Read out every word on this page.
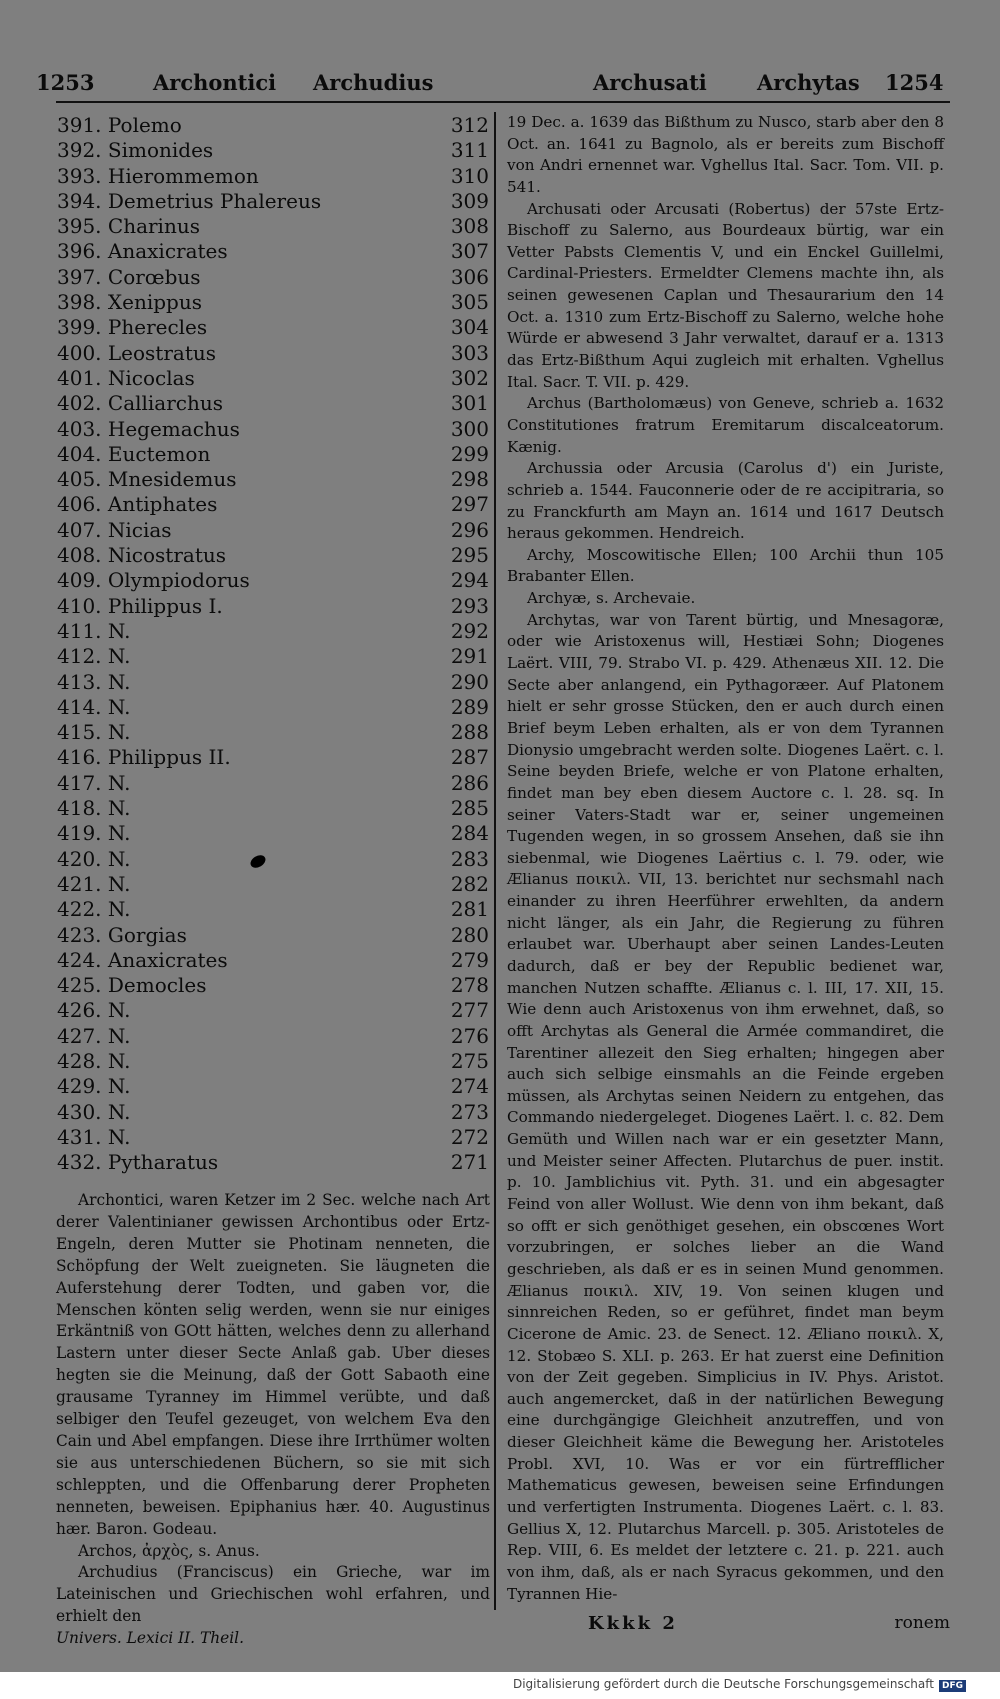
1253	Archontici Archudius	Archusati Archytas 1254
391. Polemo	312
392. Simonides	311
393. Hierommemon	310
394. Demetrius Phalereus	309
395. Charinus	308
396. Anaxicrates	307
397. Corœbus	306
398. Xenippus	305
399. Pherecles	304
400. Leostratus	303
401. Nicoclas	302
402. Calliarchus	301
403. Hegemachus	300
404. Euctemon	299
405. Mnesidemus	298
406. Antiphates	297
407. Nicias	296
408. Nicostratus	295
409. Olympiodorus	294
410. Philippus I.	293
411. N.	292
412. N.	291
413. N.	290
414. N.	289
415. N.	288
416. Philippus II.	287
417. N.	286
418. N.	285
419. N.	284
420. N.	283
421. N.	282
422. N.	281
423. Gorgias	280
424. Anaxicrates	279
425. Democles	278
426. N.	277
427. N.	276
428. N.	275
429. N.	274
430. N.	273
431. N.	272
432. Pytharatus	271

Archontici, waren Ketzer im 2 Sec. welche nach Art derer Valentinianer gewissen Archontibus oder Ertz-Engeln, deren Mutter sie Photinam nenneten, die Schöpfung der Welt zueigneten. Sie läugneten die Auferstehung derer Todten, und gaben vor, die Menschen könten selig werden, wenn sie nur einiges Erkäntniß von GOtt hätten, welches denn zu allerhand Lastern unter dieser Secte Anlaß gab. Uber dieses hegten sie die Meinung, daß der Gott Sabaoth eine grausame Tyranney im Himmel verübte, und daß selbiger den Teufel gezeuget, von welchem Eva den Cain und Abel empfangen. Diese ihre Irrthümer wolten sie aus unterschiedenen Büchern, so sie mit sich schleppten, und die Offenbarung derer Propheten nenneten, beweisen. Epiphanius hær. 40. Augustinus hær. Baron. Godeau.

Archos, ἀρχὸς, s. Anus.

Archudius (Franciscus) ein Grieche, war im Lateinischen und Griechischen wohl erfahren, und erhielt den

Univers. Lexici II. Theil.

19 Dec. a. 1639 das Bißthum zu Nusco, starb aber den 8 Oct. an. 1641 zu Bagnolo, als er bereits zum Bischoff von Andri ernennet war. Vghellus Ital. Sacr. Tom. VII. p. 541.

Archusati oder Arcusati (Robertus) der 57ste Ertz-Bischoff zu Salerno, aus Bourdeaux bürtig, war ein Vetter Pabsts Clementis V, und ein Enckel Guillelmi, Cardinal-Priesters. Ermeldter Clemens machte ihn, als seinen gewesenen Caplan und Thesaurarium den 14 Oct. a. 1310 zum Ertz-Bischoff zu Salerno, welche hohe Würde er abwesend 3 Jahr verwaltet, darauf er a. 1313 das Ertz-Bißthum Aqui zugleich mit erhalten. Vghellus Ital. Sacr. T. VII. p. 429.

Archus (Bartholomæus) von Geneve, schrieb a. 1632 Constitutiones fratrum Eremitarum discalceatorum. Kænig.

Archussia oder Arcusia (Carolus d') ein Juriste, schrieb a. 1544. Fauconnerie oder de re accipitraria, so zu Franckfurth am Mayn an. 1614 und 1617 Deutsch heraus gekommen. Hendreich.

Archy, Moscowitische Ellen; 100 Archii thun 105 Brabanter Ellen.

Archyæ, s. Archevaie.

Archytas, war von Tarent bürtig, und Mnesagoræ, oder wie Aristoxenus will, Hestiæi Sohn; Diogenes Laërt. VIII, 79. Strabo VI. p. 429. Athenæus XII. 12. Die Secte aber anlangend, ein Pythagoræer. Auf Platonem hielt er sehr grosse Stücken, den er auch durch einen Brief beym Leben erhalten, als er von dem Tyrannen Dionysio umgebracht werden solte. Diogenes Laërt. c. l. Seine beyden Briefe, welche er von Platone erhalten, findet man bey eben diesem Auctore c. l. 28. sq. In seiner Vaters-Stadt war er, seiner ungemeinen Tugenden wegen, in so grossem Ansehen, daß sie ihn siebenmal, wie Diogenes Laërtius c. l. 79. oder, wie Ælianus ποικιλ. VII, 13. berichtet nur sechsmahl nach einander zu ihren Heerführer erwehlten, da andern nicht länger, als ein Jahr, die Regierung zu führen erlaubet war. Uberhaupt aber seinen Landes-Leuten dadurch, daß er bey der Republic bedienet war, manchen Nutzen schaffte. Ælianus c. l. III, 17. XII, 15. Wie denn auch Aristoxenus von ihm erwehnet, daß, so offt Archytas als General die Armée commandiret, die Tarentiner allezeit den Sieg erhalten; hingegen aber auch sich selbige einsmahls an die Feinde ergeben müssen, als Archytas seinen Neidern zu entgehen, das Commando niedergeleget. Diogenes Laërt. l. c. 82. Dem Gemüth und Willen nach war er ein gesetzter Mann, und Meister seiner Affecten. Plutarchus de puer. instit. p. 10. Jamblichius vit. Pyth. 31. und ein abgesagter Feind von aller Wollust. Wie denn von ihm bekant, daß so offt er sich genöthiget gesehen, ein obscœnes Wort vorzubringen, er solches lieber an die Wand geschrieben, als daß er es in seinen Mund genommen. Ælianus ποικιλ. XIV, 19. Von seinen klugen und sinnreichen Reden, so er geführet, findet man beym Cicerone de Amic. 23. de Senect. 12. Æliano ποικιλ. X, 12. Stobæo S. XLI. p. 263. Er hat zuerst eine Definition von der Zeit gegeben. Simplicius in IV. Phys. Aristot. auch angemercket, daß in der natürlichen Bewegung eine durchgängige Gleichheit anzutreffen, und von dieser Gleichheit käme die Bewegung her. Aristoteles Probl. XVI, 10. Was er vor ein fürtrefflicher Mathematicus gewesen, beweisen seine Erfindungen und verfertigten Instrumenta. Diogenes Laërt. c. l. 83. Gellius X, 12. Plutarchus Marcell. p. 305. Aristoteles de Rep. VIII, 6. Es meldet der letztere c. 21. p. 221. auch von ihm, daß, als er nach Syracus gekommen, und den Tyrannen Hie-

Kkkk 2	ronem
Digitalisierung gefördert durch die Deutsche Forschungsgemeinschaft DFG
